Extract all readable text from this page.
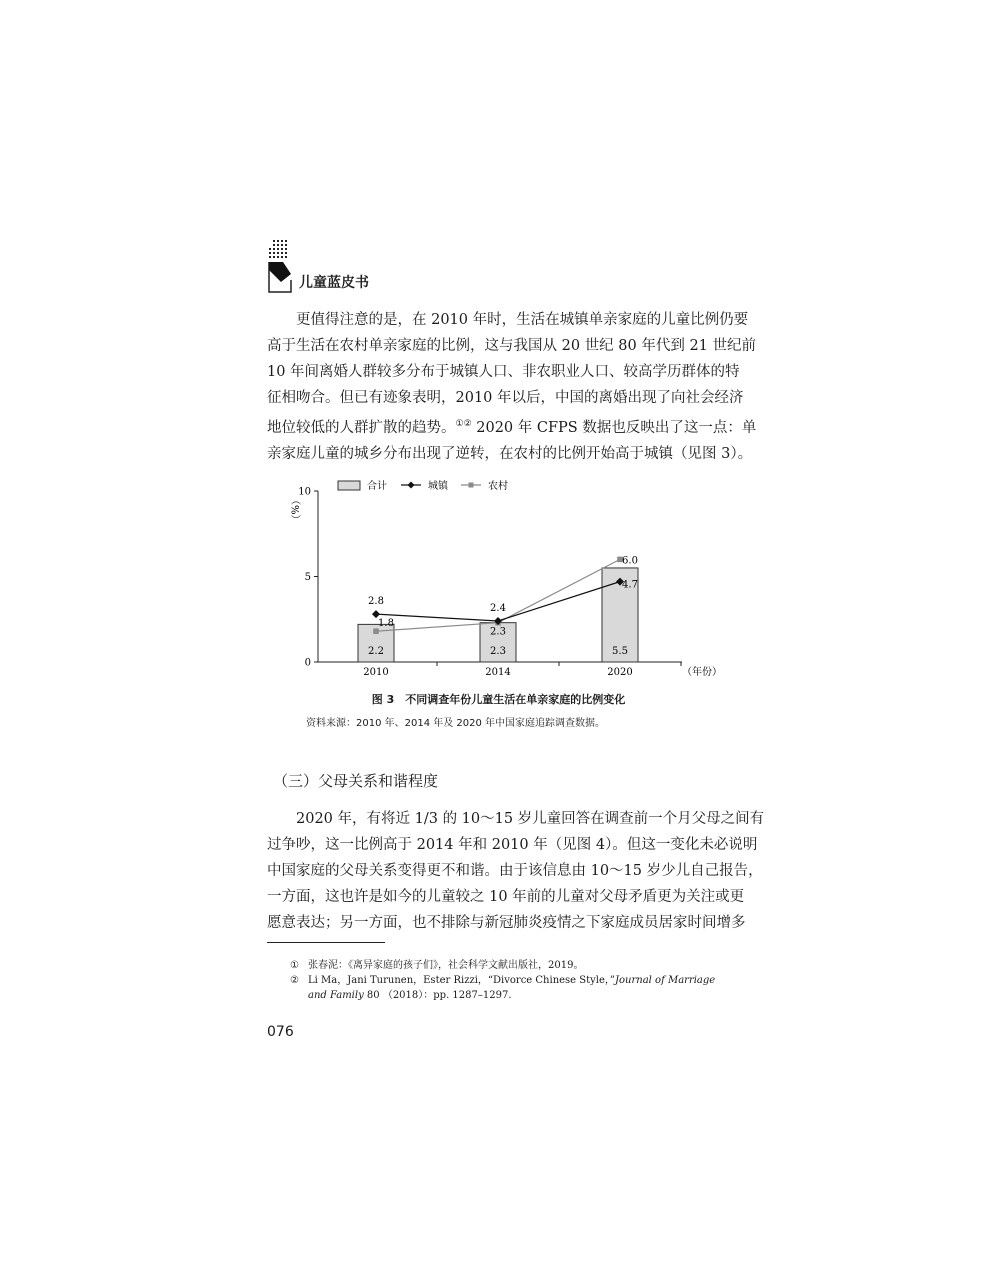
儿童蓝皮书
更值得注意的是，在 2010 年时，生活在城镇单亲家庭的儿童比例仍要
高于生活在农村单亲家庭的比例，这与我国从 20 世纪 80 年代到 21 世纪前
10 年间离婚人群较多分布于城镇人口、非农职业人口、较高学历群体的特
征相吻合。但已有迹象表明，2010 年以后，中国的离婚出现了向社会经济
地位较低的人群扩散的趋势。①② 2020 年 CFPS 数据也反映出了这一点：单
亲家庭儿童的城乡分布出现了逆转，在农村的比例开始高于城镇（见图 3）。
合计	城镇	农村
（%）
0
5
10
2010	2014	2020
2.2	2.3	5.5
2.8
2.4
4.7
1.8
2.3
6.0
（年份）
图 3　不同调查年份儿童生活在单亲家庭的比例变化
资料来源：2010 年、2014 年及 2020 年中国家庭追踪调查数据。
（三）父母关系和谐程度
2020 年，有将近 1/3 的 10～15 岁儿童回答在调查前一个月父母之间有
过争吵，这一比例高于 2014 年和 2010 年（见图 4）。但这一变化未必说明
中国家庭的父母关系变得更不和谐。由于该信息由 10～15 岁少儿自己报告，
一方面，这也许是如今的儿童较之 10 年前的儿童对父母矛盾更为关注或更
愿意表达；另一方面，也不排除与新冠肺炎疫情之下家庭成员居家时间增多
① 张春泥：《离异家庭的孩子们》，社会科学文献出版社，2019。
② Li Ma，Jani Turunen，Ester Rizzi，“Divorce Chinese Style，”Journal of Marriage and Family 80 （2018）：pp. 1287–1297.
076
